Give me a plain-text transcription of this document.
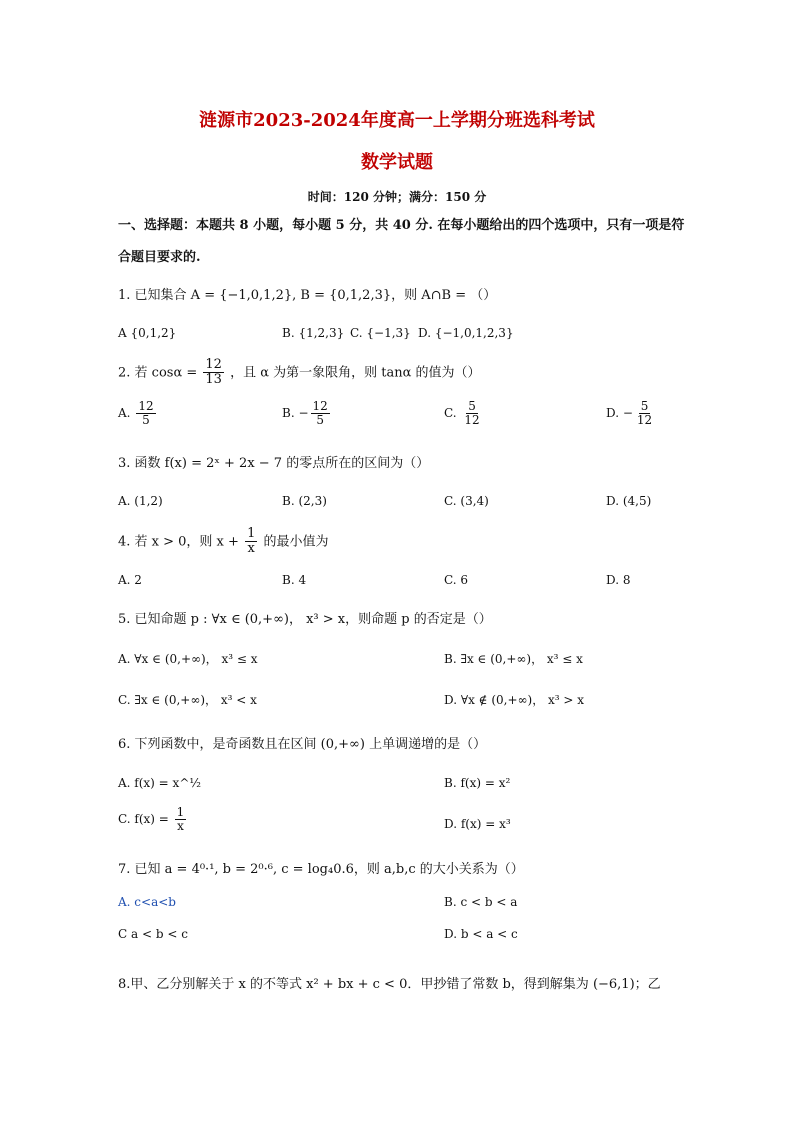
涟源市2023-2024年度高一上学期分班选科考试
数学试题
时间：120 分钟；满分：150 分
一、选择题：本题共 8 小题，每小题 5 分，共 40 分. 在每小题给出的四个选项中，只有一项是符合题目要求的.
1. 已知集合 A = {−1,0,1,2}, B = {0,1,2,3}，则 A∩B = （）
A {0,1,2}	B. {1,2,3} C. {−1,3} D. {−1,0,1,2,3}
2. 若 $\cos\alpha = \frac{12}{13}$ ，且 α 为第一象限角，则 tanα 的值为（）
A. $\frac{12}{5}$	B. − $\frac{12}{5}$	C. $\frac{5}{12}$	D. − $\frac{5}{12}$
3. 函数 f(x) = 2ˣ + 2x − 7 的零点所在的区间为（）
A. (1,2)	B. (2,3)	C. (3,4)	D. (4,5)
4. 若 x > 0，则 $x + \frac{1}{x}$ 的最小值为
A. 2	B. 4	C. 6	D. 8
5. 已知命题 p : ∀x ∈ (0,+∞)， x³ > x，则命题 p 的否定是（）
A. ∀x ∈ (0,+∞)， x³ ≤ x	B. ∃x ∈ (0,+∞)， x³ ≤ x
C. ∃x ∈ (0,+∞)， x³ < x	D. ∀x ∉ (0,+∞)， x³ > x
6. 下列函数中，是奇函数且在区间 (0,+∞) 上单调递增的是（）
A. f(x) = x^½	B. f(x) = x²
C. $f(x) = \frac{1}{x}$	D. f(x) = x³
7. 已知 a = 4⁰·¹, b = 2⁰·⁶, c = log₄0.6，则 a,b,c 的大小关系为（）
A. c<a<b	B. c < b < a
C a < b < c	D. b < a < c
8.甲、乙分别解关于 x 的不等式 x² + bx + c < 0．甲抄错了常数 b，得到解集为 (−6,1)；乙
